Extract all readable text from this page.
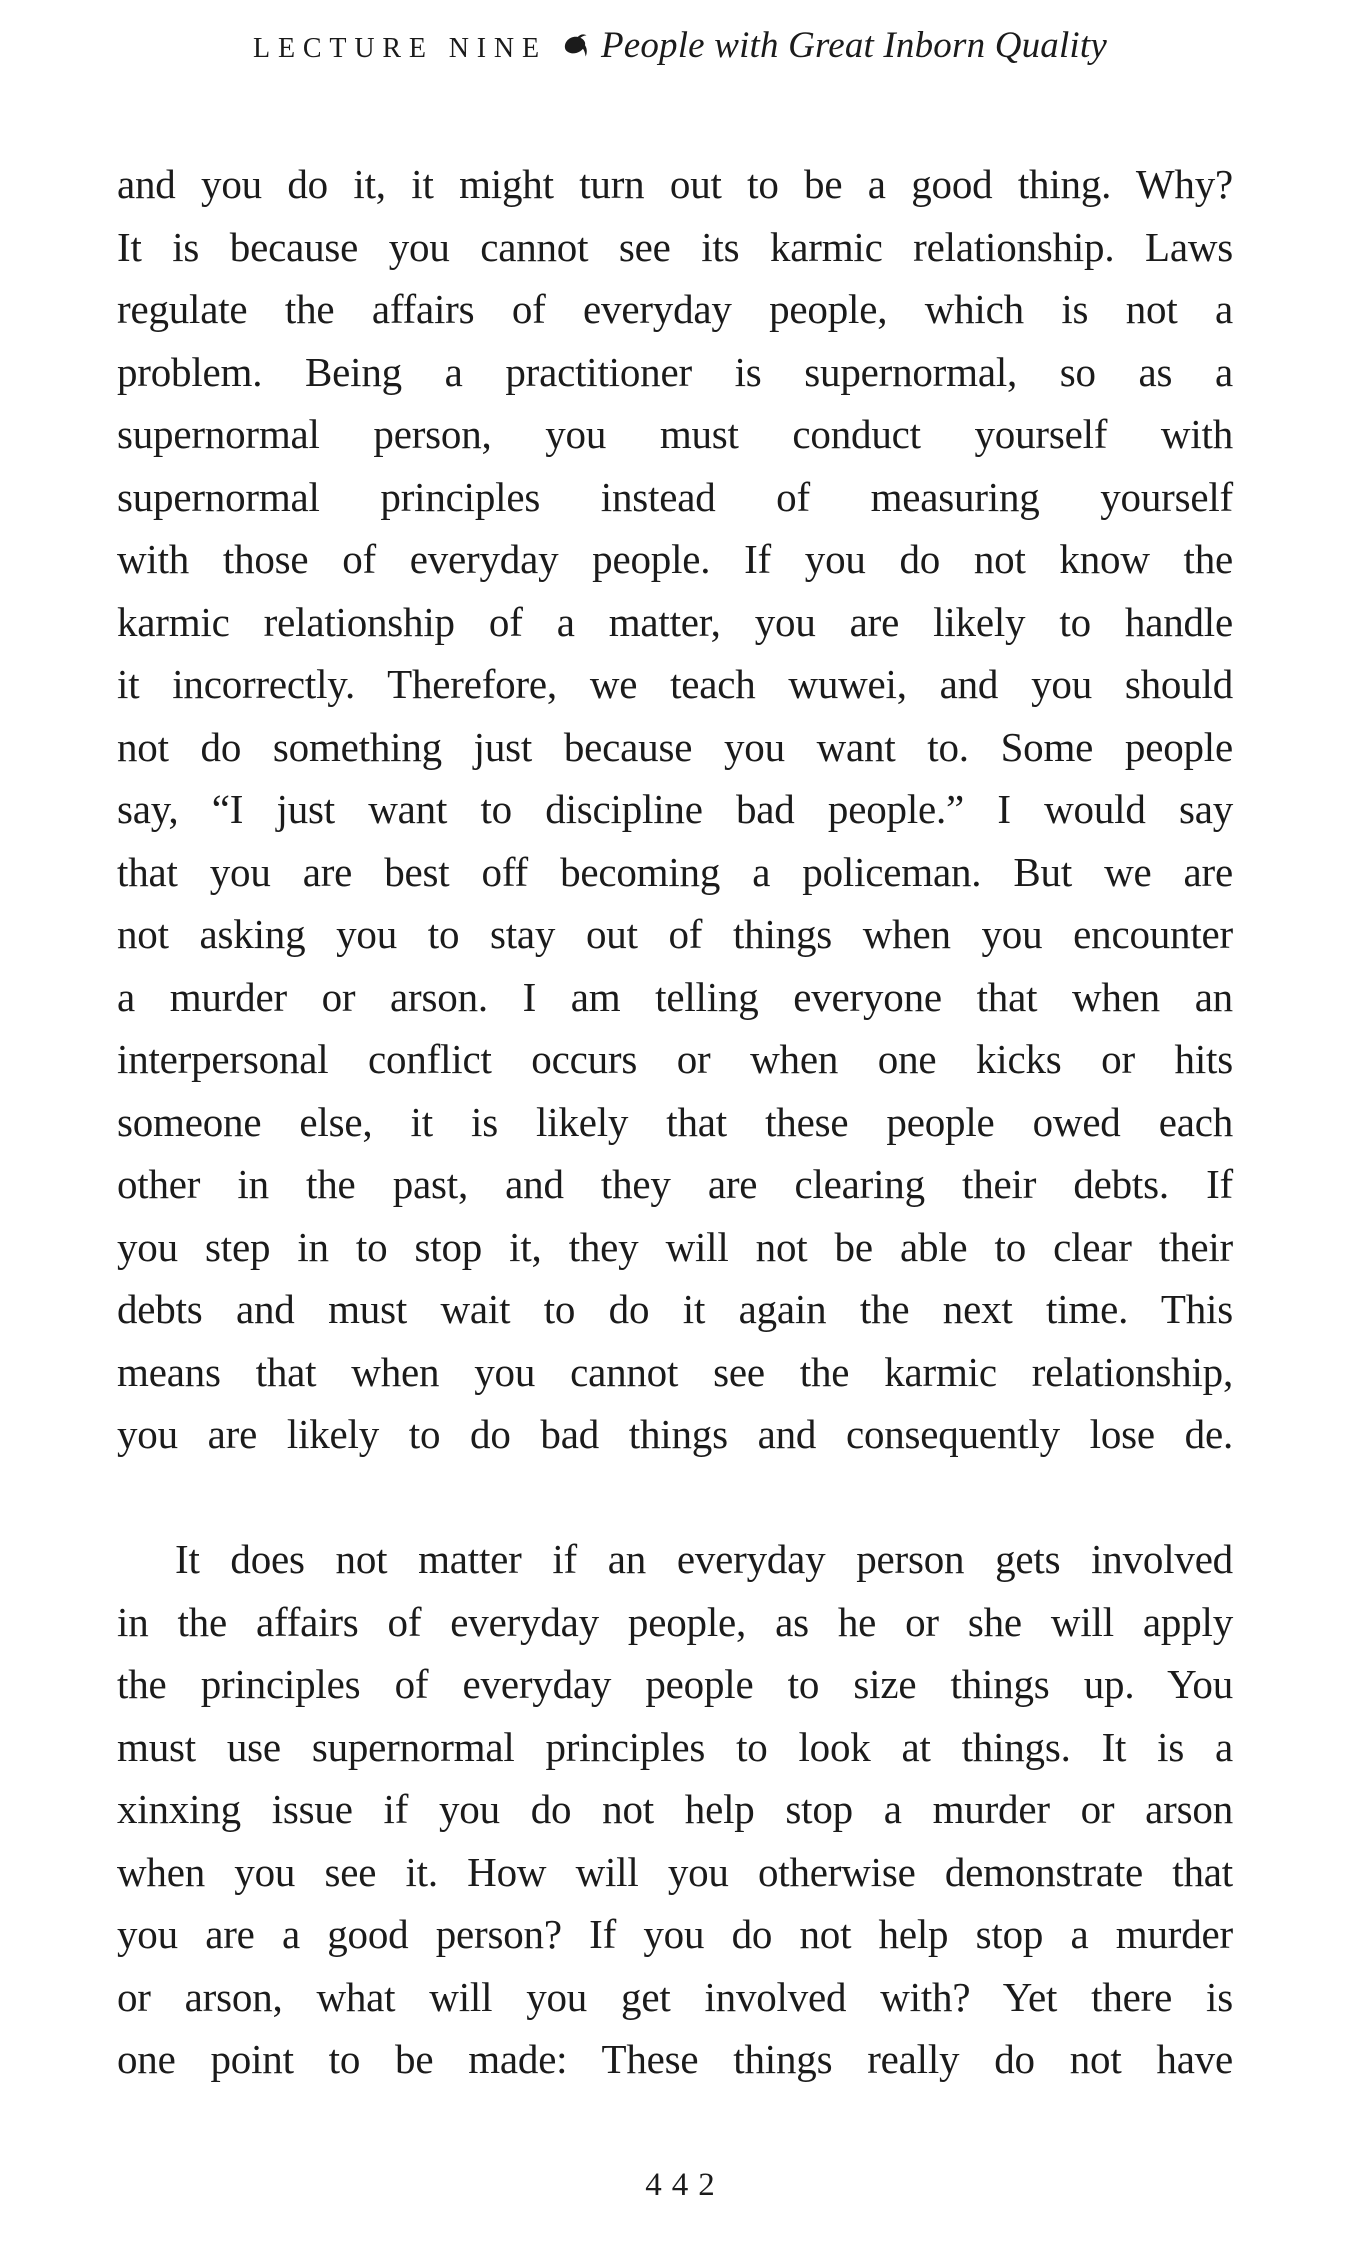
LECTURE NINE People with Great Inborn Quality
and you do it, it might turn out to be a good thing. Why?
It is because you cannot see its karmic relationship. Laws
regulate the affairs of everyday people, which is not a
problem. Being a practitioner is supernormal, so as a
supernormal person, you must conduct yourself with
supernormal principles instead of measuring yourself
with those of everyday people. If you do not know the
karmic relationship of a matter, you are likely to handle
it incorrectly. Therefore, we teach wuwei, and you should
not do something just because you want to. Some people
say, “I just want to discipline bad people.” I would say
that you are best off becoming a policeman. But we are
not asking you to stay out of things when you encounter
a murder or arson. I am telling everyone that when an
interpersonal conflict occurs or when one kicks or hits
someone else, it is likely that these people owed each
other in the past, and they are clearing their debts. If
you step in to stop it, they will not be able to clear their
debts and must wait to do it again the next time. This
means that when you cannot see the karmic relationship,
you are likely to do bad things and consequently lose de.
It does not matter if an everyday person gets involved
in the affairs of everyday people, as he or she will apply
the principles of everyday people to size things up. You
must use supernormal principles to look at things. It is a
xinxing issue if you do not help stop a murder or arson
when you see it. How will you otherwise demonstrate that
you are a good person? If you do not help stop a murder
or arson, what will you get involved with? Yet there is
one point to be made: These things really do not have
442
